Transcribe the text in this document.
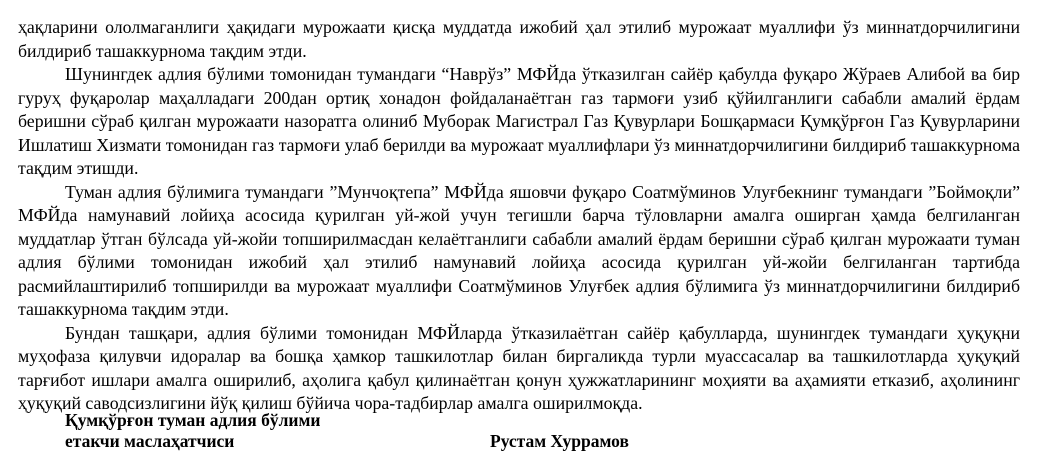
ҳақларини ололмаганлиги ҳақидаги мурожаати қисқа муддатда ижобий ҳал этилиб мурожаат муаллифи ўз миннатдорчилигини билдириб ташаккурнома тақдим этди.

Шунингдек адлия бўлими томонидан тумандаги “Наврўз” МФЙда ўтказилган сайёр қабулда фуқаро Жўраев Алибой ва бир гуруҳ фуқаролар маҳалладаги 200дан ортиқ хонадон фойдаланаётган газ тармоғи узиб қўйилганлиги сабабли амалий ёрдам беришни сўраб қилган мурожаати назоратга олиниб Муборак Магистрал Газ Қувурлари Бошқармаси Қумқўрғон Газ Қувурларини Ишлатиш Хизмати томонидан газ тармоғи улаб берилди ва мурожаат муаллифлари ўз миннатдорчилигини билдириб ташаккурнома тақдим этишди.

Туман адлия бўлимига тумандаги ”Мунчоқтепа” МФЙда яшовчи фуқаро Соатмўминов Улуғбекнинг тумандаги ”Боймоқли” МФЙда намунавий лойиҳа асосида қурилган уй-жой учун тегишли барча тўловларни амалга оширган ҳамда белгиланган муддатлар ўтган бўлсада уй-жойи топширилмасдан келаётганлиги сабабли амалий ёрдам беришни сўраб қилган мурожаати туман адлия бўлими томонидан ижобий ҳал этилиб намунавий лойиҳа асосида қурилган уй-жойи белгиланган тартибда расмийлаштирилиб топширилди ва мурожаат муаллифи Соатмўминов Улуғбек адлия бўлимига ўз миннатдорчилигини билдириб ташаккурнома тақдим этди.

Бундан ташқари, адлия бўлими томонидан МФЙларда ўтказилаётган сайёр қабулларда, шунингдек тумандаги ҳуқуқни муҳофаза қилувчи идоралар ва бошқа ҳамкор ташкилотлар билан биргаликда турли муассасалар ва ташкилотларда ҳуқуқий тарғибот ишлари амалга оширилиб, аҳолига қабул қилинаётган қонун ҳужжатларининг моҳияти ва аҳамияти етказиб, аҳолининг ҳуқуқий саводсизлигини йўқ қилиш бўйича чора-тадбирлар амалга оширилмоқда.

Қумқўрғон туман адлия бўлими
етакчи маслаҳатчиси	Рустам Хуррамов
